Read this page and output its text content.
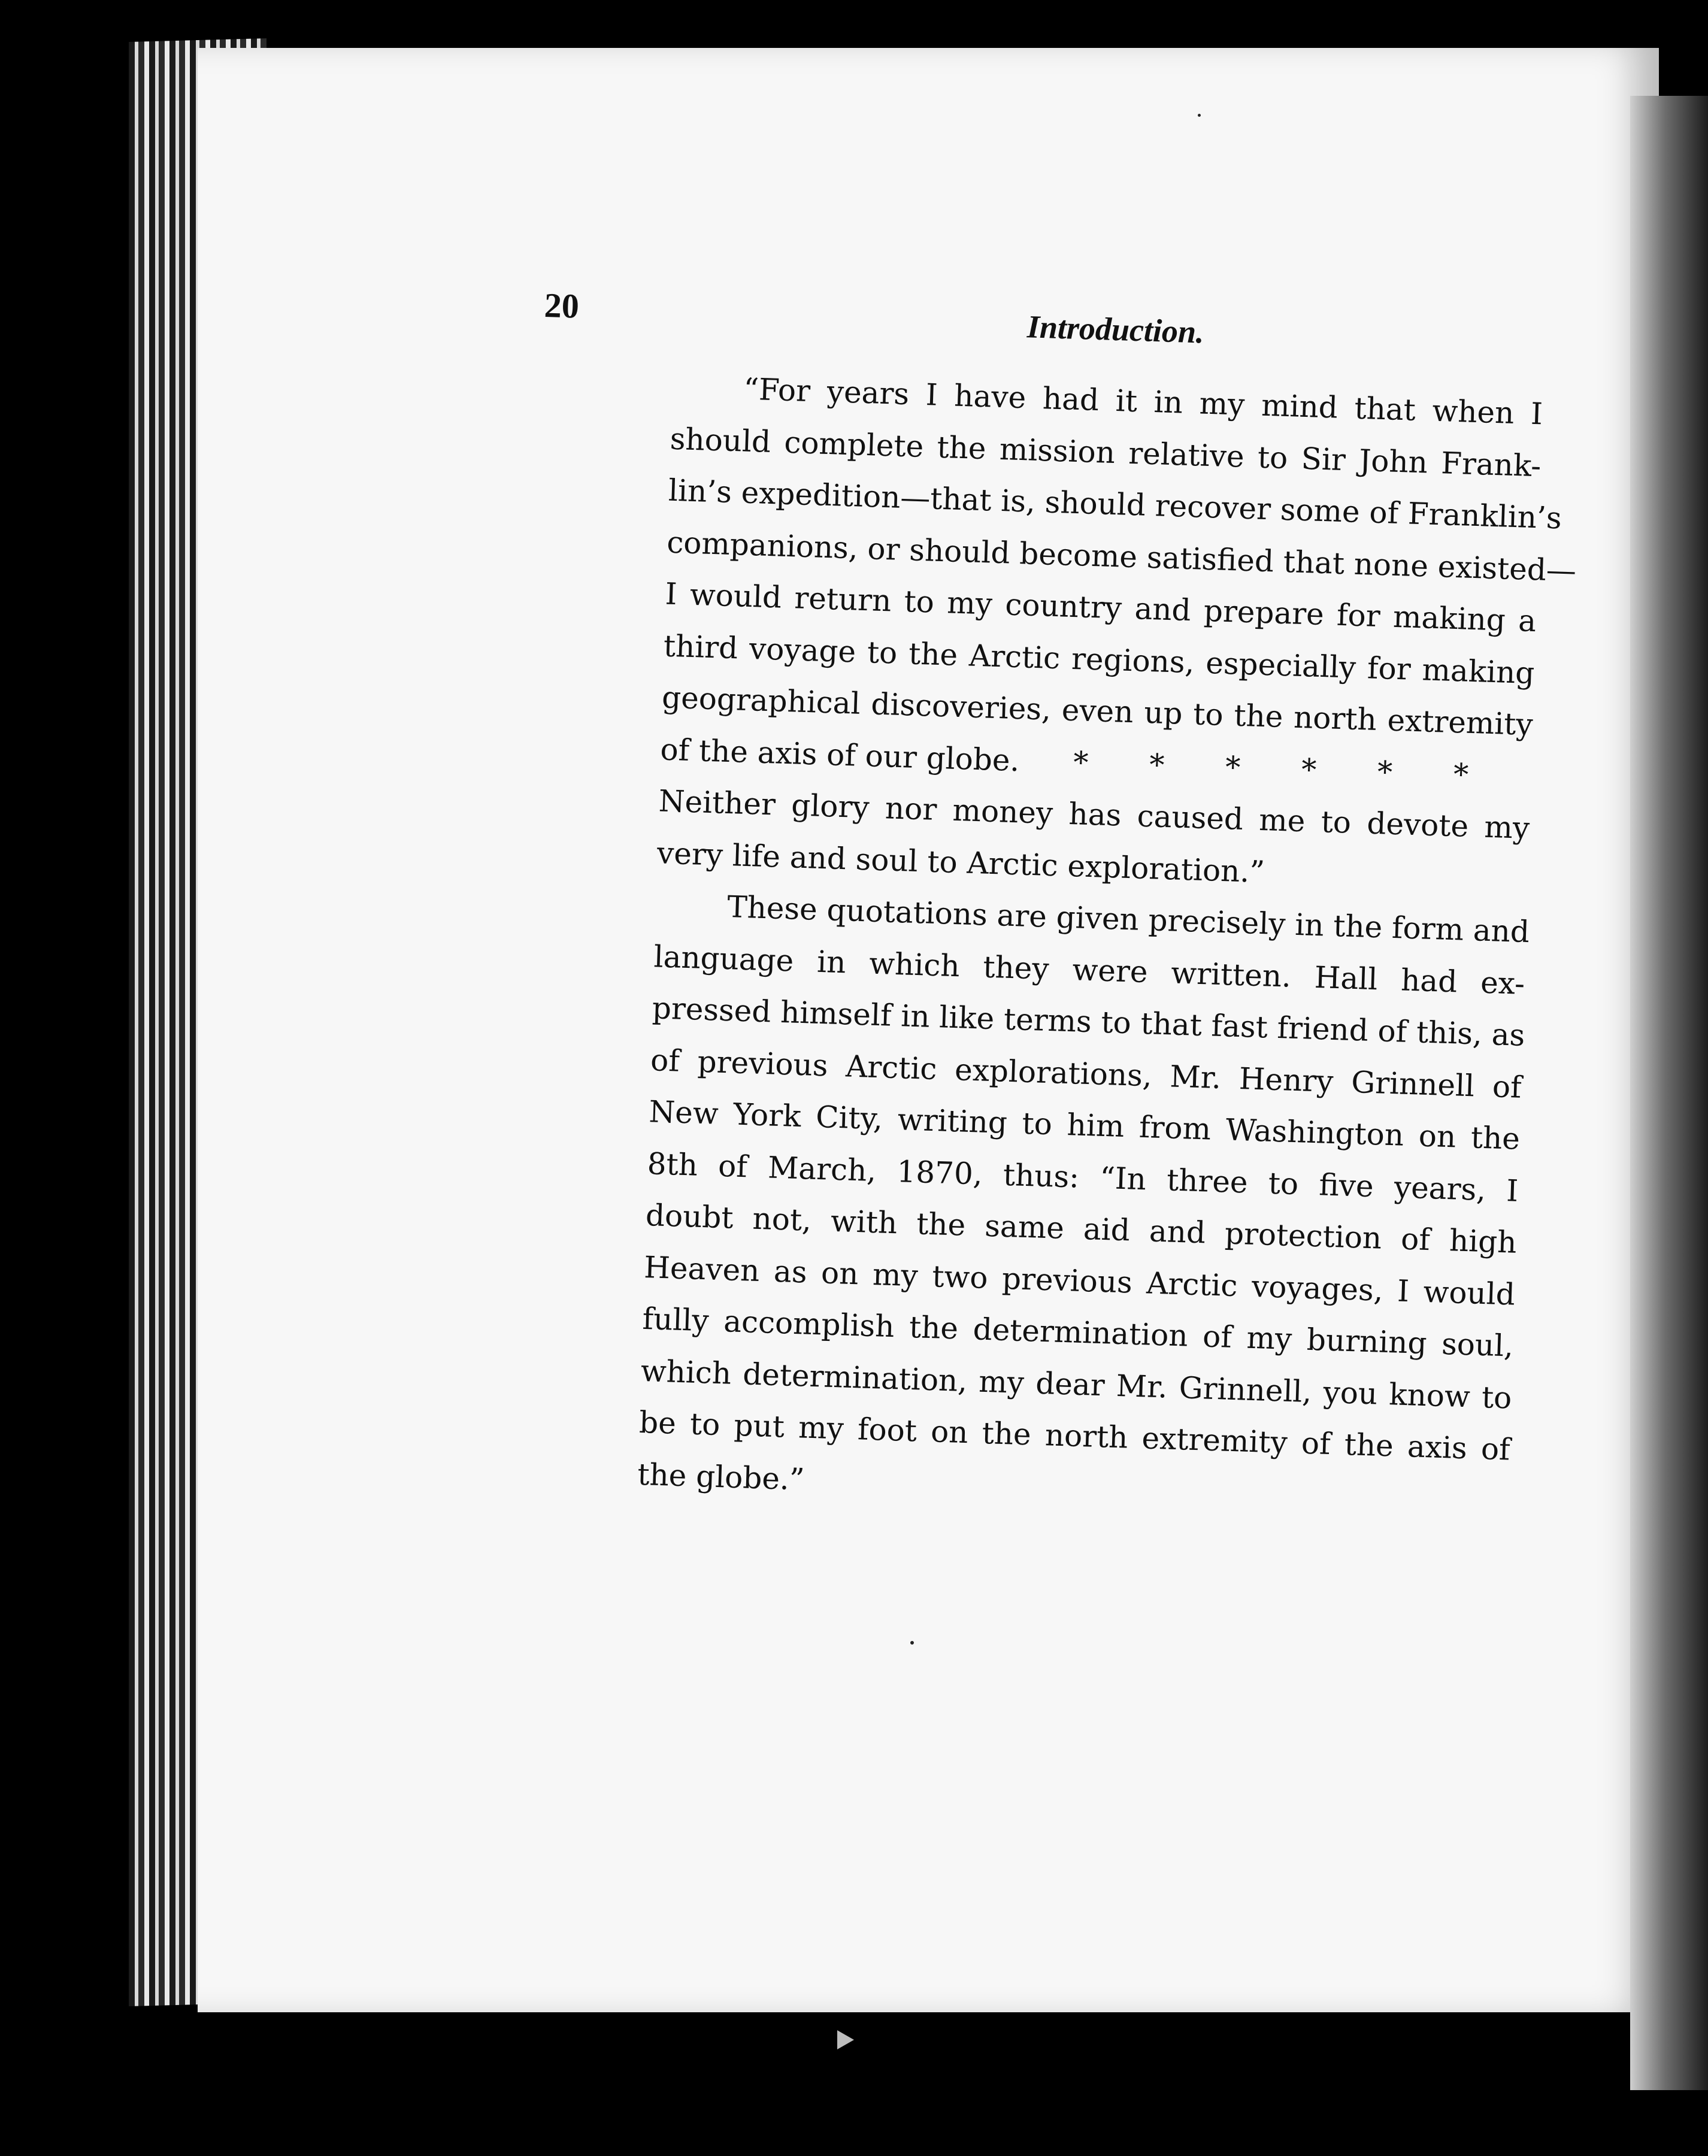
20

Introduction.

“For years I have had it in my mind that when I
should complete the mission relative to Sir John Frank-
lin’s expedition—that is, should recover some of Franklin’s
companions, or should become satisfied that none existed—
I would return to my country and prepare for making a
third voyage to the Arctic regions, especially for making
geographical discoveries, even up to the north extremity
of the axis of our globe. * * * * * *
Neither glory nor money has caused me to devote my
very life and soul to Arctic exploration.”
These quotations are given precisely in the form and
language in which they were written. Hall had ex-
pressed himself in like terms to that fast friend of this, as
of previous Arctic explorations, Mr. Henry Grinnell of
New York City, writing to him from Washington on the
8th of March, 1870, thus: “In three to five years, I
doubt not, with the same aid and protection of high
Heaven as on my two previous Arctic voyages, I would
fully accomplish the determination of my burning soul,
which determination, my dear Mr. Grinnell, you know to
be to put my foot on the north extremity of the axis of
the globe.”
